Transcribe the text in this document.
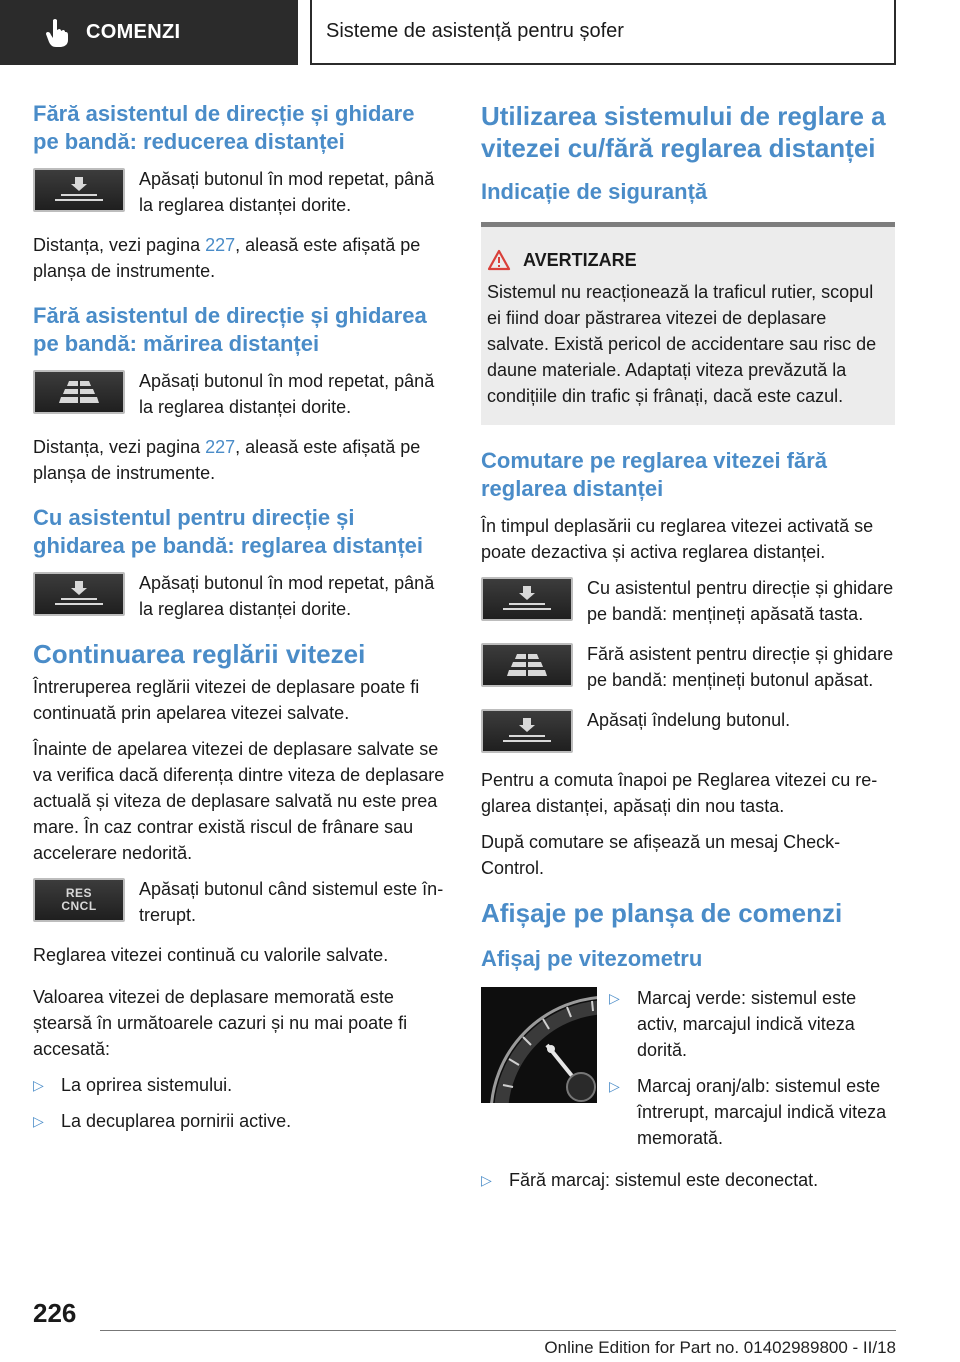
COMENZI	Sisteme de asistență pentru șofer
Fără asistentul de direcție și ghidare pe bandă: reducerea distanței
Apăsați butonul în mod repetat, până la reglarea distanței dorite.

Distanța, vezi pagina 227, aleasă este afișată pe planșa de instrumente.

Fără asistentul de direcție și ghidarea pe bandă: mărirea distanței
Apăsați butonul în mod repetat, până la reglarea distanței dorite.

Distanța, vezi pagina 227, aleasă este afișată pe planșa de instrumente.

Cu asistentul pentru direcție și ghidarea pe bandă: reglarea distanței
Apăsați butonul în mod repetat, până la reglarea distanței dorite.
Continuarea reglării vitezei

Întreruperea reglării vitezei de deplasare poate fi continuată prin apelarea vitezei salvate.

Înainte de apelarea vitezei de deplasare salvate se va verifica dacă diferența dintre viteza de deplasare actuală și viteza de deplasare salvată nu este prea mare. În caz contrar există riscul de frânare sau accelerare nedorită.

RES
CNCL
Apăsați butonul când sistemul este întrerupt.

Reglarea vitezei continuă cu valorile salvate.

Valoarea vitezei de deplasare memorată este ștearsă în următoarele cazuri și nu mai poate fi accesată:

▷ La oprirea sistemului.
▷ La decuplarea pornirii active.
Utilizarea sistemului de reglare a vitezei cu/fără reglarea distanței
Indicație de siguranță
AVERTIZARE
Sistemul nu reacționează la traficul rutier, scopul ei fiind doar păstrarea vitezei de deplasare salvate. Există pericol de accidentare sau risc de daune materiale. Adaptați viteza prevăzută la condițiile din trafic și frânați, dacă este cazul.
Comutare pe reglarea vitezei fără reglarea distanței

În timpul deplasării cu reglarea vitezei activată se poate dezactiva și activa reglarea distanței.

Cu asistentul pentru direcție și ghidare pe bandă: mențineți apăsată tasta.
Fără asistent pentru direcție și ghidare pe bandă: mențineți butonul apăsat.
Apăsați îndelung butonul.

Pentru a comuta înapoi pe Reglarea vitezei cu reglarea distanței, apăsați din nou tasta.

După comutare se afișează un mesaj Check-Control.

Afișaje pe planșa de comenzi
Afișaj pe vitezometru
▷ Marcaj verde: sistemul este activ, marcajul indică viteza dorită.
▷ Marcaj oranj/alb: sistemul este întrerupt, marcajul indică viteza memorată.
▷ Fără marcaj: sistemul este deconectat.
226
Online Edition for Part no. 01402989800 - II/18
